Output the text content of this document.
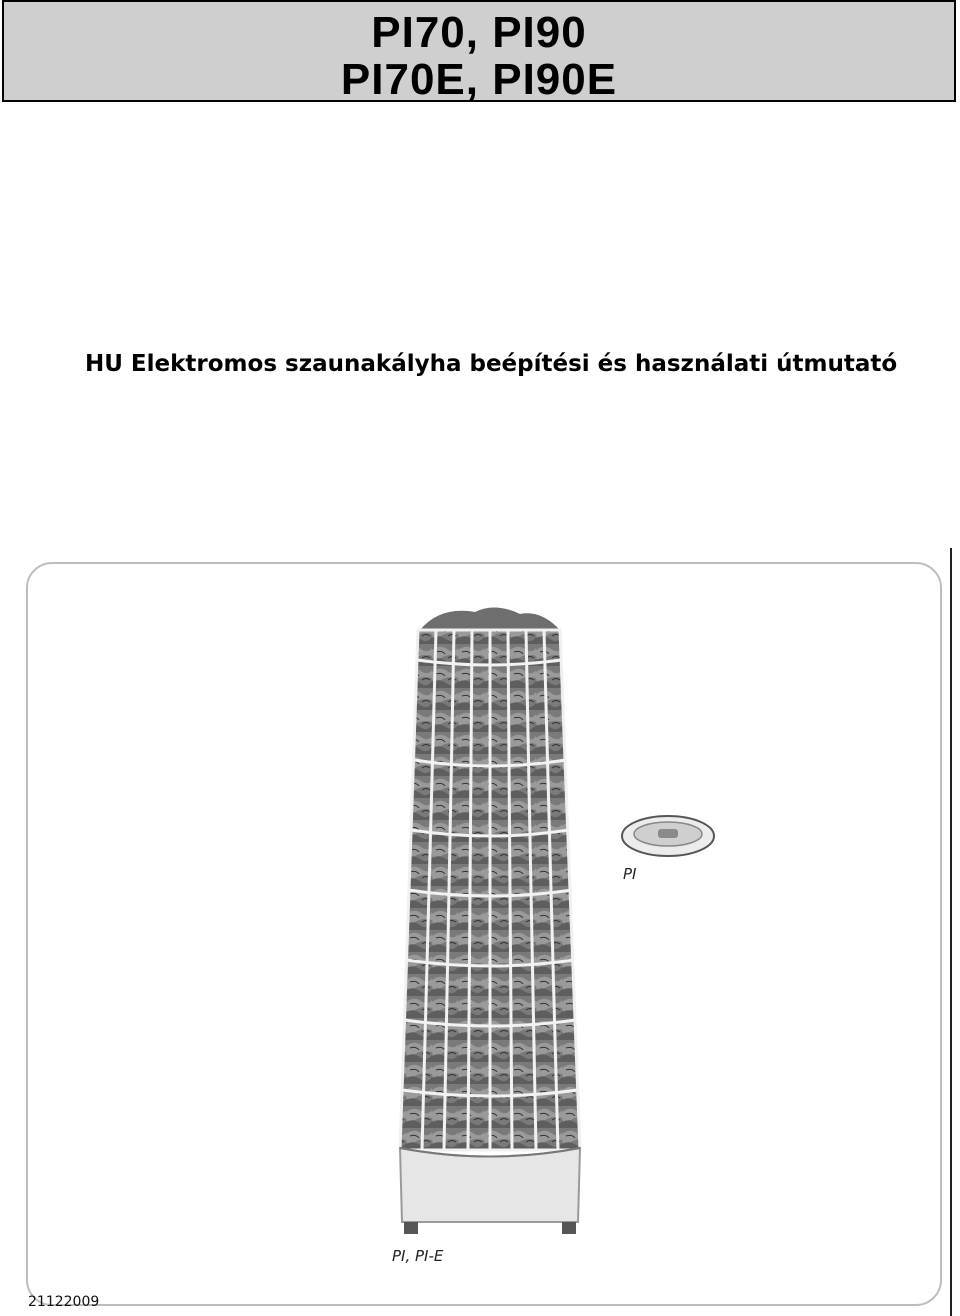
PI70, PI90
PI70E, PI90E
HU Elektromos szaunakályha beépítési és használati útmutató
PI
PI, PI-E
21122009
